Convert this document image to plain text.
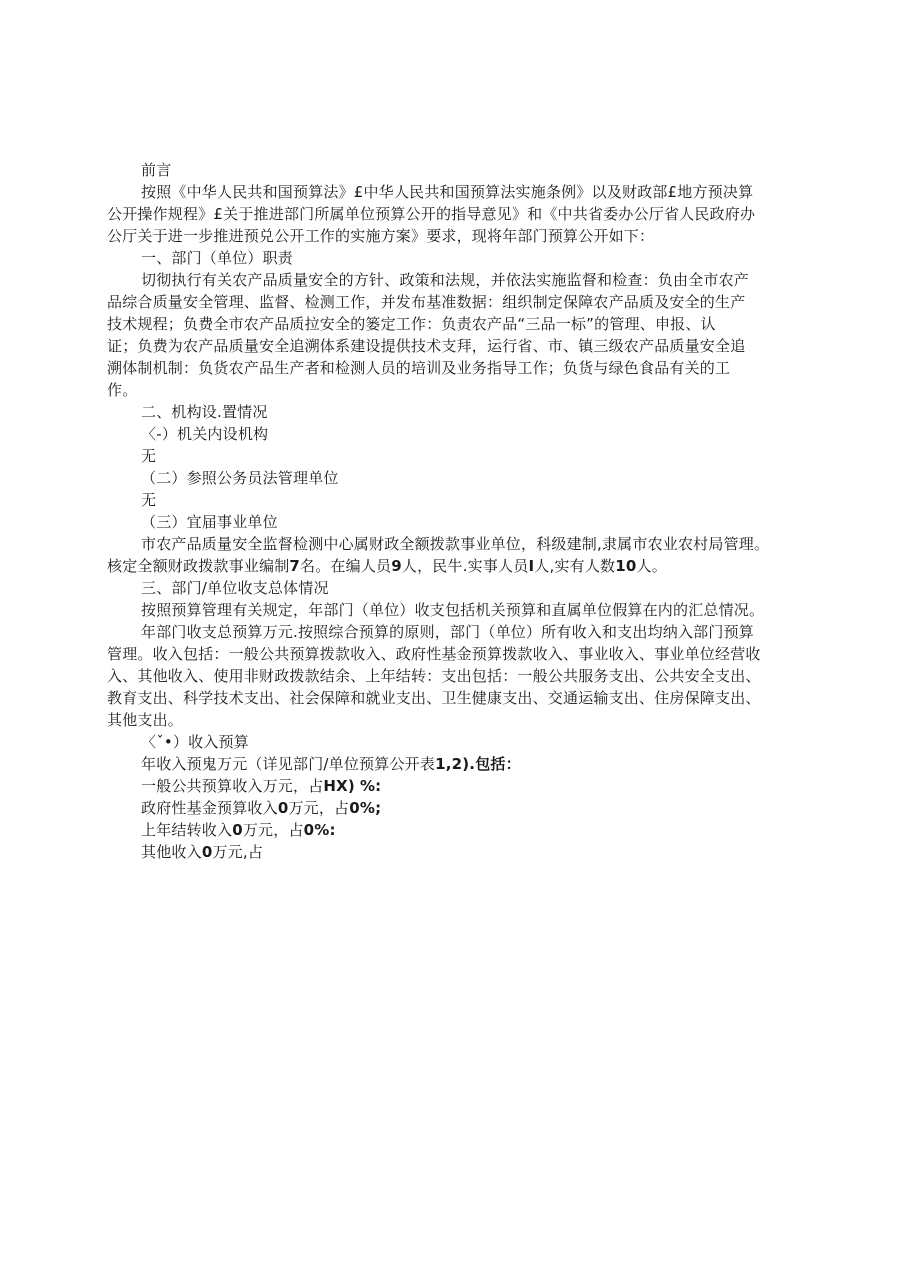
前言
按照《中华人民共和国预算法》£中华人民共和国预算法实施条例》以及财政部£地方预决算
公开操作规程》£关于推进部门所属单位预算公开的指导意见》和《中共省委办公厅省人民政府办
公厅关于进一步推进预兑公开工作的实施方案》要求，现将年部门预算公开如下：
一、部门（单位）职责
切彻执行有关农产品质量安全的方针、政策和法规，并依法实施监督和检查：负由全市农产
品综合质量安全管理、监督、检测工作，并发布基准数据：组织制定保障农产品质及安全的生产
技术规程；负费全市农产品质拉安全的篓定工作：负责农产品“三品一标”的管理、申报、认
证；负费为农产品质量安全追溯体系建设提供技术支拜，运行省、市、镇三级农产品质量安全追
溯体制机制：负货农产品生产者和检测人员的培训及业务指导工作；负货与绿色食品有关的工
作。
二、机构设.置情况
〈-）机关内设机构
无
（二）参照公务员法管理单位
无
（三）宜届事业单位
市农产品质量安全监督检测中心属财政全额拨款事业单位，科级建制,隶属市农业农村局管理。
核定全额财政拨款事业编制7名。在编人员9人，民牛.实事人员I人,实有人数10人。
三、部门/单位收支总体情况
按照预算管理有关规定，年部门（单位）收支包括机关预算和直属单位假算在内的汇总情况。
年部门收支总预算万元.按照综合预算的原则，部门（单位）所有收入和支出均纳入部门预算
管理。收入包括：一般公共预算拨款收入、政府性基金预算拨款收入、事业收入、事业单位经营收
入、其他收入、使用非财政拨款结余、上年结转：支出包括：一般公共服务支出、公共安全支出、
教育支出、科学技术支出、社会保障和就业支出、卫生健康支出、交通运输支出、住房保障支出、
其他支出。
〈ˇ•）收入预算
年收入预鬼万元（详见部门/单位预算公开表1,2).包括：
一般公共预算收入万元，占HX) %:
政府性基金预算收入0万元，占0%;
上年结转收入0万元，占0%:
其他收入0万元,占
